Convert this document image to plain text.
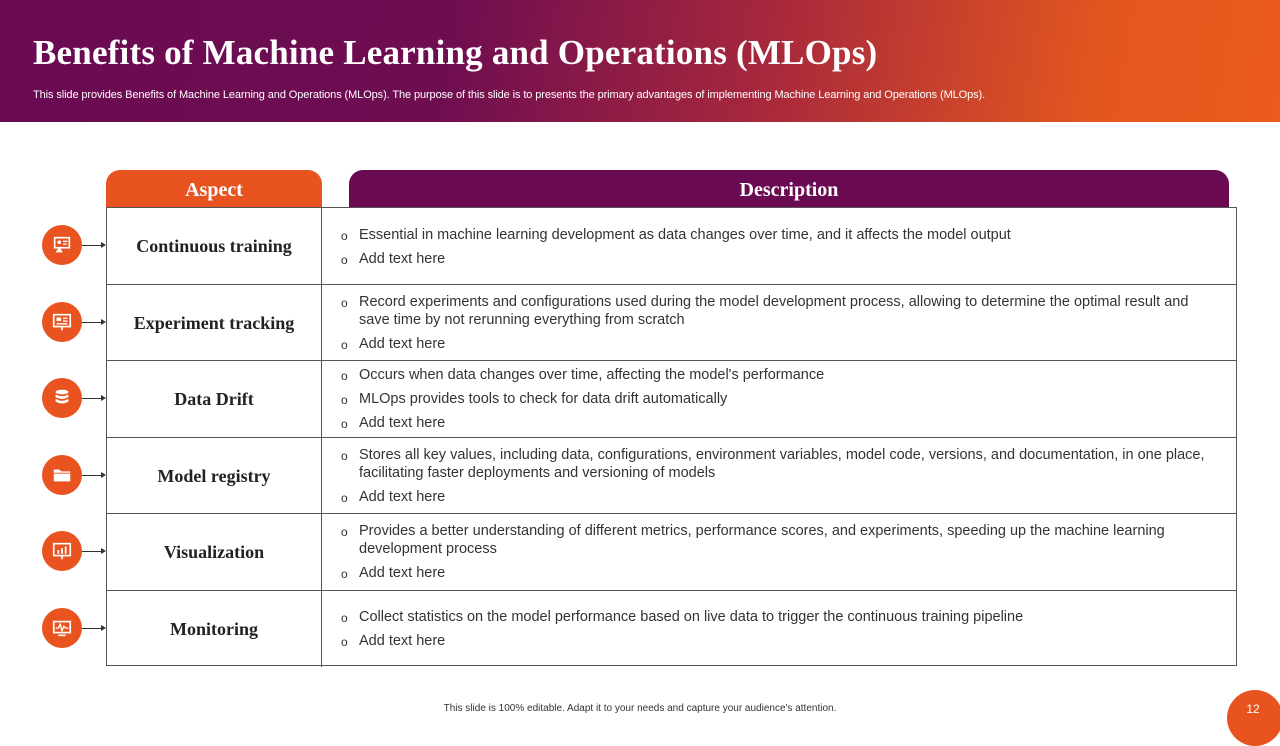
Benefits of Machine Learning and Operations (MLOps)

This slide provides Benefits of Machine Learning and Operations (MLOps). The purpose of this slide is to presents the primary advantages of implementing Machine Learning and Operations (MLOps).

Aspect	Description
Continuous training
o Essential in machine learning development as data changes over time, and it affects the model output
o Add text here
Experiment tracking
o Record experiments and configurations used during the model development process, allowing to determine the optimal result and save time by not rerunning everything from scratch
o Add text here
Data Drift
o Occurs when data changes over time, affecting the model's performance
o MLOps provides tools to check for data drift automatically
o Add text here
Model registry
o Stores all key values, including data, configurations, environment variables, model code, versions, and documentation, in one place, facilitating faster deployments and versioning of models
o Add text here
Visualization
o Provides a better understanding of different metrics, performance scores, and experiments, speeding up the machine learning development process
o Add text here
Monitoring
o Collect statistics on the model performance based on live data to trigger the continuous training pipeline
o Add text here
This slide is 100% editable. Adapt it to your needs and capture your audience's attention.	12
